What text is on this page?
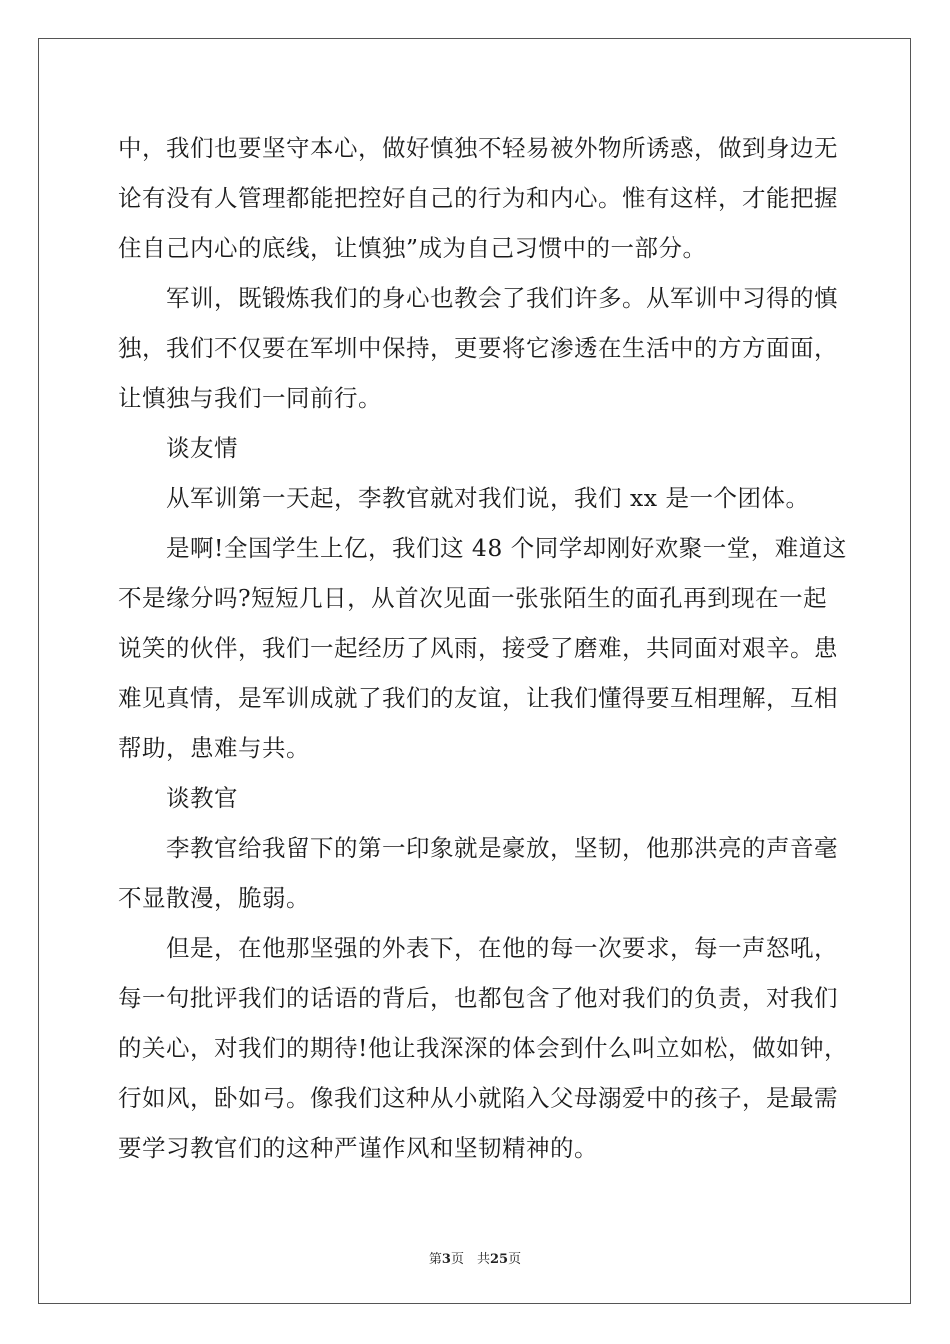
中，我们也要坚守本心，做好慎独不轻易被外物所诱惑，做到身边无
论有没有人管理都能把控好自己的行为和内心。惟有这样，才能把握
住自己内心的底线，让慎独”成为自己习惯中的一部分。
　　军训，既锻炼我们的身心也教会了我们许多。从军训中习得的慎
独，我们不仅要在军圳中保持，更要将它渗透在生活中的方方面面，
让慎独与我们一同前行。
　　谈友情
　　从军训第一天起，李教官就对我们说，我们 xx 是一个团体。
　　是啊!全国学生上亿，我们这 48 个同学却刚好欢聚一堂，难道这
不是缘分吗?短短几日，从首次见面一张张陌生的面孔再到现在一起
说笑的伙伴，我们一起经历了风雨，接受了磨难，共同面对艰辛。患
难见真情，是军训成就了我们的友谊，让我们懂得要互相理解，互相
帮助，患难与共。
　　谈教官
　　李教官给我留下的第一印象就是豪放，坚韧，他那洪亮的声音毫
不显散漫，脆弱。
　　但是，在他那坚强的外表下，在他的每一次要求，每一声怒吼，
每一句批评我们的话语的背后，也都包含了他对我们的负责，对我们
的关心，对我们的期待!他让我深深的体会到什么叫立如松，做如钟，
行如风，卧如弓。像我们这种从小就陷入父母溺爱中的孩子，是最需
要学习教官们的这种严谨作风和坚韧精神的。
第3页　共25页
